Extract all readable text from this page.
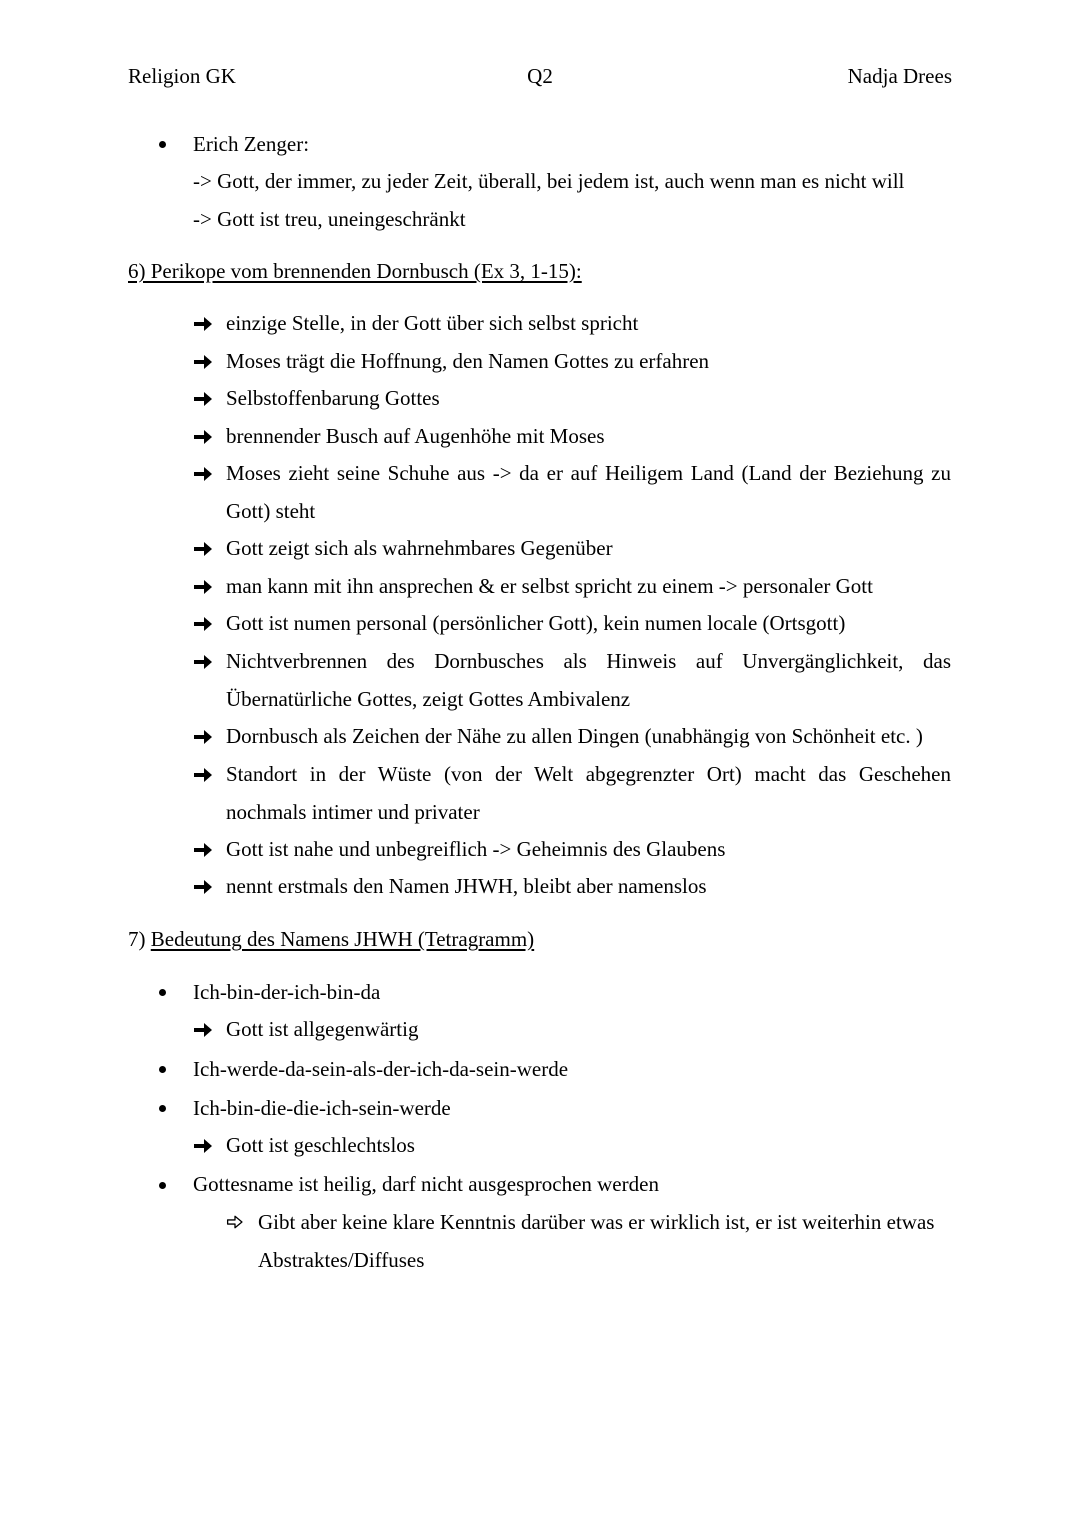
Religion GK	Q2	Nadja Drees
Erich Zenger:
-> Gott, der immer, zu jeder Zeit, überall, bei jedem ist, auch wenn man es nicht will
-> Gott ist treu, uneingeschränkt
6) Perikope vom brennenden Dornbusch (Ex 3, 1-15):
einzige Stelle, in der Gott über sich selbst spricht
Moses trägt die Hoffnung, den Namen Gottes zu erfahren
Selbstoffenbarung Gottes
brennender Busch auf Augenhöhe mit Moses
Moses zieht seine Schuhe aus -> da er auf Heiligem Land (Land der Beziehung zu
Gott) steht
Gott zeigt sich als wahrnehmbares Gegenüber
man kann mit ihn ansprechen & er selbst spricht zu einem -> personaler Gott
Gott ist numen personal (persönlicher Gott), kein numen locale (Ortsgott)
Nichtverbrennen des Dornbusches als Hinweis auf Unvergänglichkeit, das
Übernatürliche Gottes, zeigt Gottes Ambivalenz
Dornbusch als Zeichen der Nähe zu allen Dingen (unabhängig von Schönheit etc. )
Standort in der Wüste (von der Welt abgegrenzter Ort) macht das Geschehen
nochmals intimer und privater
Gott ist nahe und unbegreiflich -> Geheimnis des Glaubens
nennt erstmals den Namen JHWH, bleibt aber namenslos
7) Bedeutung des Namens JHWH (Tetragramm)
Ich-bin-der-ich-bin-da
Gott ist allgegenwärtig
Ich-werde-da-sein-als-der-ich-da-sein-werde
Ich-bin-die-die-ich-sein-werde
Gott ist geschlechtslos
Gottesname ist heilig, darf nicht ausgesprochen werden
Gibt aber keine klare Kenntnis darüber was er wirklich ist, er ist weiterhin etwas
Abstraktes/Diffuses
